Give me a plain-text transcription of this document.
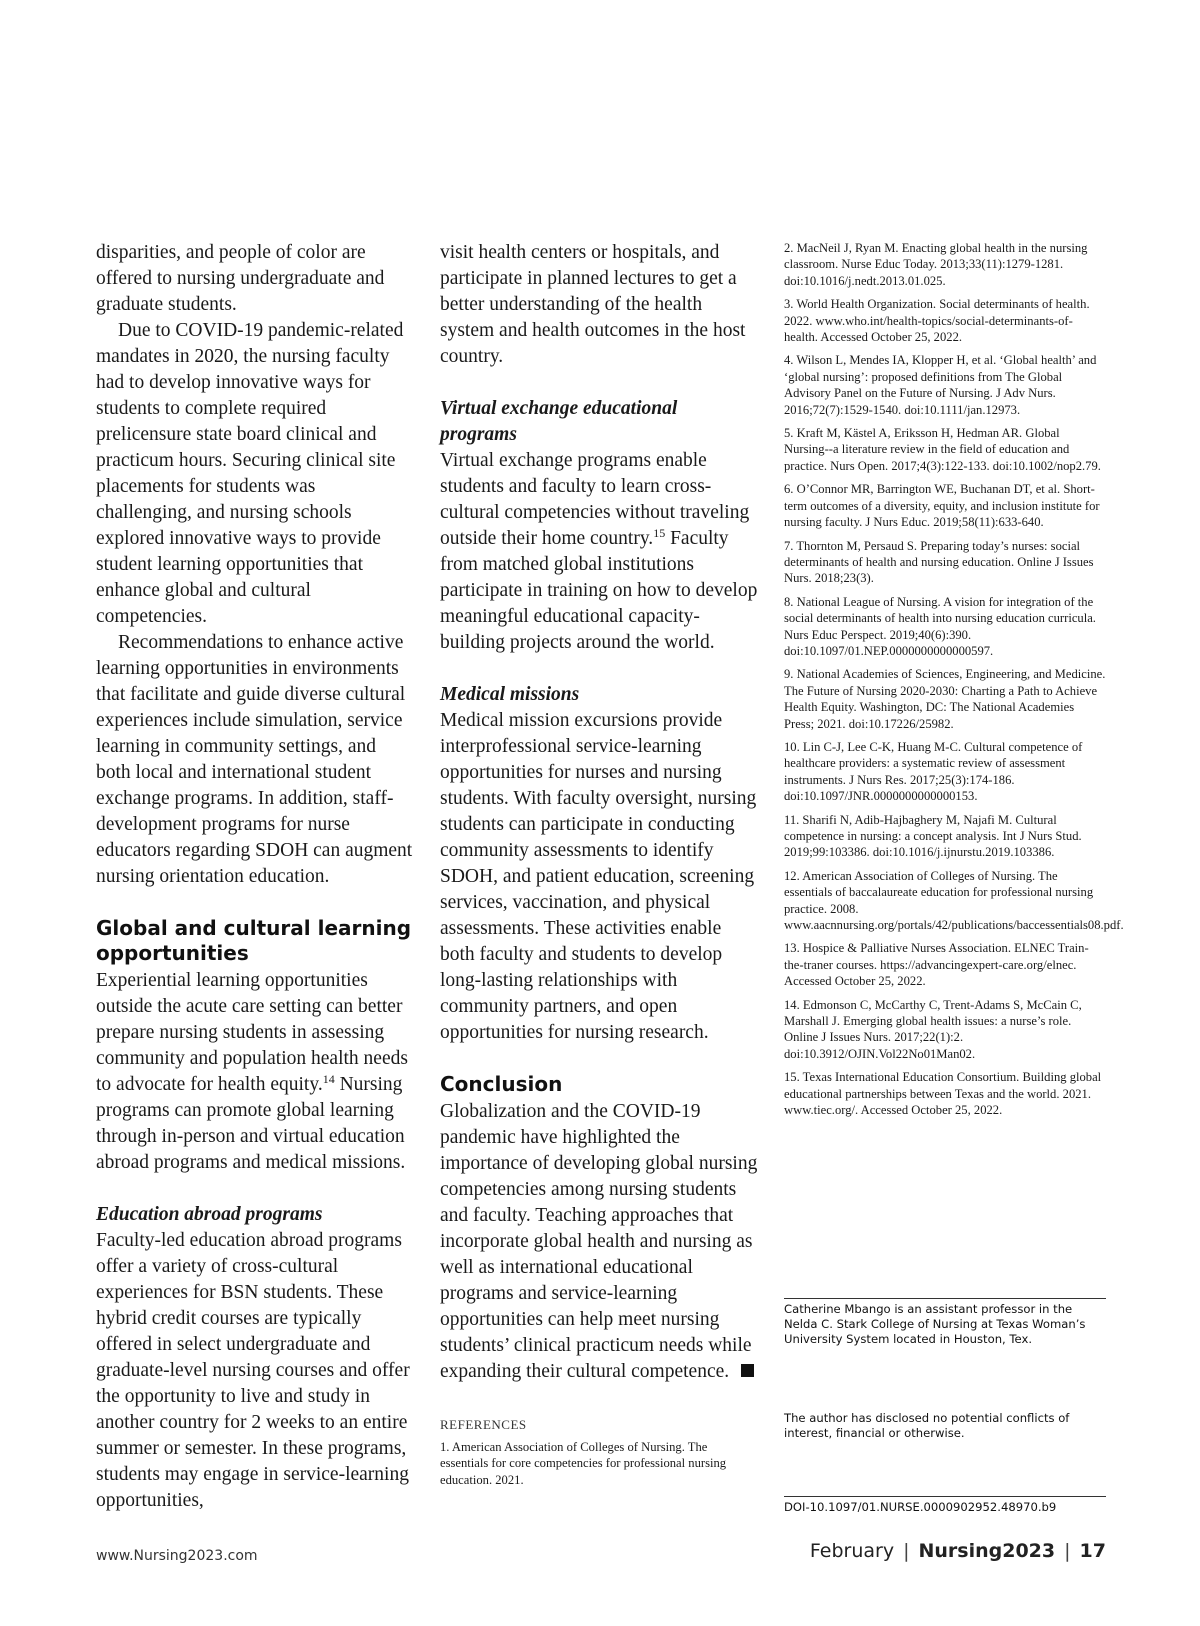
disparities, and people of color are offered to nursing undergraduate and graduate students.

Due to COVID-19 pandemic-related mandates in 2020, the nursing faculty had to develop innovative ways for students to complete required prelicensure state board clinical and practicum hours. Securing clinical site placements for students was challenging, and nursing schools explored innovative ways to provide student learning opportunities that enhance global and cultural competencies.

Recommendations to enhance active learning opportunities in environments that facilitate and guide diverse cultural experiences include simulation, service learning in community settings, and both local and international student exchange programs. In addition, staff-development programs for nurse educators regarding SDOH can augment nursing orientation education.

Global and cultural learning opportunities

Experiential learning opportunities outside the acute care setting can better prepare nursing students in assessing community and population health needs to advocate for health equity.$^{14}$ Nursing programs can promote global learning through in-person and virtual education abroad programs and medical missions.

Education abroad programs

Faculty-led education abroad programs offer a variety of cross-cultural experiences for BSN students. These hybrid credit courses are typically offered in select undergraduate and graduate-level nursing courses and offer the opportunity to live and study in another country for 2 weeks to an entire summer or semester. In these programs, students may engage in service-learning opportunities,

visit health centers or hospitals, and participate in planned lectures to get a better understanding of the health system and health outcomes in the host country.

Virtual exchange educational programs

Virtual exchange programs enable students and faculty to learn cross-cultural competencies without traveling outside their home country.$^{15}$ Faculty from matched global institutions participate in training on how to develop meaningful educational capacity-building projects around the world.

Medical missions

Medical mission excursions provide interprofessional service-learning opportunities for nurses and nursing students. With faculty oversight, nursing students can participate in conducting community assessments to identify SDOH, and patient education, screening services, vaccination, and physical assessments. These activities enable both faculty and students to develop long-lasting relationships with community partners, and open opportunities for nursing research.

Conclusion

Globalization and the COVID-19 pandemic have highlighted the importance of developing global nursing competencies among nursing students and faculty. Teaching approaches that incorporate global health and nursing as well as international educational programs and service-learning opportunities can help meet nursing students’ clinical practicum needs while expanding their cultural competence.

REFERENCES

1. American Association of Colleges of Nursing. The essentials for core competencies for professional nursing education. 2021.

2. MacNeil J, Ryan M. Enacting global health in the nursing classroom. Nurse Educ Today. 2013;33(11):1279-1281. doi:10.1016/j.nedt.2013.01.025.

3. World Health Organization. Social determinants of health. 2022. www.who.int/health-topics/social-determinants-of-health. Accessed October 25, 2022.

4. Wilson L, Mendes IA, Klopper H, et al. ‘Global health’ and ‘global nursing’: proposed definitions from The Global Advisory Panel on the Future of Nursing. J Adv Nurs. 2016;72(7):1529-1540. doi:10.1111/jan.12973.

5. Kraft M, Kästel A, Eriksson H, Hedman AR. Global Nursing--a literature review in the field of education and practice. Nurs Open. 2017;4(3):122-133. doi:10.1002/nop2.79.

6. O’Connor MR, Barrington WE, Buchanan DT, et al. Short-term outcomes of a diversity, equity, and inclusion institute for nursing faculty. J Nurs Educ. 2019;58(11):633-640.

7. Thornton M, Persaud S. Preparing today’s nurses: social determinants of health and nursing education. Online J Issues Nurs. 2018;23(3).

8. National League of Nursing. A vision for integration of the social determinants of health into nursing education curricula. Nurs Educ Perspect. 2019;40(6):390. doi:10.1097/01.NEP.0000000000000597.

9. National Academies of Sciences, Engineering, and Medicine. The Future of Nursing 2020-2030: Charting a Path to Achieve Health Equity. Washington, DC: The National Academies Press; 2021. doi:10.17226/25982.

10. Lin C-J, Lee C-K, Huang M-C. Cultural competence of healthcare providers: a systematic review of assessment instruments. J Nurs Res. 2017;25(3):174-186. doi:10.1097/JNR.0000000000000153.

11. Sharifi N, Adib-Hajbaghery M, Najafi M. Cultural competence in nursing: a concept analysis. Int J Nurs Stud. 2019;99:103386. doi:10.1016/j.ijnurstu.2019.103386.

12. American Association of Colleges of Nursing. The essentials of baccalaureate education for professional nursing practice. 2008. www.aacnnursing.org/portals/42/publications/baccessentials08.pdf.

13. Hospice & Palliative Nurses Association. ELNEC Train-the-traner courses. https://advancingexpert-care.org/elnec. Accessed October 25, 2022.

14. Edmonson C, McCarthy C, Trent-Adams S, McCain C, Marshall J. Emerging global health issues: a nurse’s role. Online J Issues Nurs. 2017;22(1):2. doi:10.3912/OJIN.Vol22No01Man02.

15. Texas International Education Consortium. Building global educational partnerships between Texas and the world. 2021. www.tiec.org/. Accessed October 25, 2022.

Catherine Mbango is an assistant professor in the Nelda C. Stark College of Nursing at Texas Woman’s University System located in Houston, Tex.

The author has disclosed no potential conflicts of interest, financial or otherwise.

DOI-10.1097/01.NURSE.0000902952.48970.b9

www.Nursing2023.com	February | Nursing2023 | 17
